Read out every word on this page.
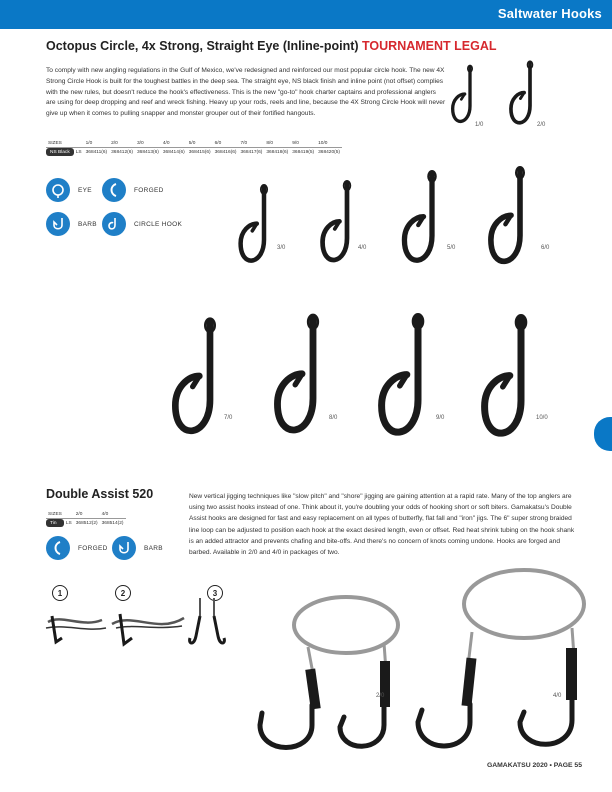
Saltwater Hooks
Octopus Circle, 4x Strong, Straight Eye (Inline-point) TOURNAMENT LEGAL

To comply with new angling regulations in the Gulf of Mexico, we've redesigned and reinforced our most popular circle hook. The new 4X Strong Circle Hook is built for the toughest battles in the deep sea. The straight eye, NS black finish and inline point (not offset) complies with the new rules, but doesn't reduce the hook's effectiveness. This is the new "go-to" hook charter captains and professional anglers are using for deep dropping and reef and wreck fishing. Heavy up your rods, reels and line, because the 4X Strong Circle Hook will never give up when it comes to pulling snapper and monster grouper out of their fortified hangouts.

SIZES		1/0	2/0	3/0	4/0	5/0	6/0	7/0	8/0	9/0	10/0
NS Black	LS	368411(6)	368412(6)	368413(6)	368414(6)	368415(6)	368416(6)	368417(6)	368418(6)	368419(5)	368420(5)
EYE	FORGED
BARB	CIRCLE HOOK
1/0	2/0
3/0	4/0	5/0	6/0
7/0	8/0	9/0	10/0
Double Assist 520
SIZES		2/0	4/0
Tin	LS	368512(2)	368514(2)
FORGED	BARB

New vertical jigging techniques like "slow pitch" and "shore" jigging are gaining attention at a rapid rate. Many of the top anglers are using two assist hooks instead of one. Think about it, you're doubling your odds of hooking short or soft biters. Gamakatsu's Double Assist hooks are designed for fast and easy replacement on all types of butterfly, flat fall and "iron" jigs. The 6" super strong braided line loop can be adjusted to position each hook at the exact desired length, even or offset. Red heat shrink tubing on the hook shank is an added attractor and prevents chafing and bite-offs. And there's no concern of knots coming undone. Hooks are forged and barbed. Available in 2/0 and 4/0 in packages of two.

1	2	3
2/0	4/0
GAMAKATSU 2020 • PAGE 55
